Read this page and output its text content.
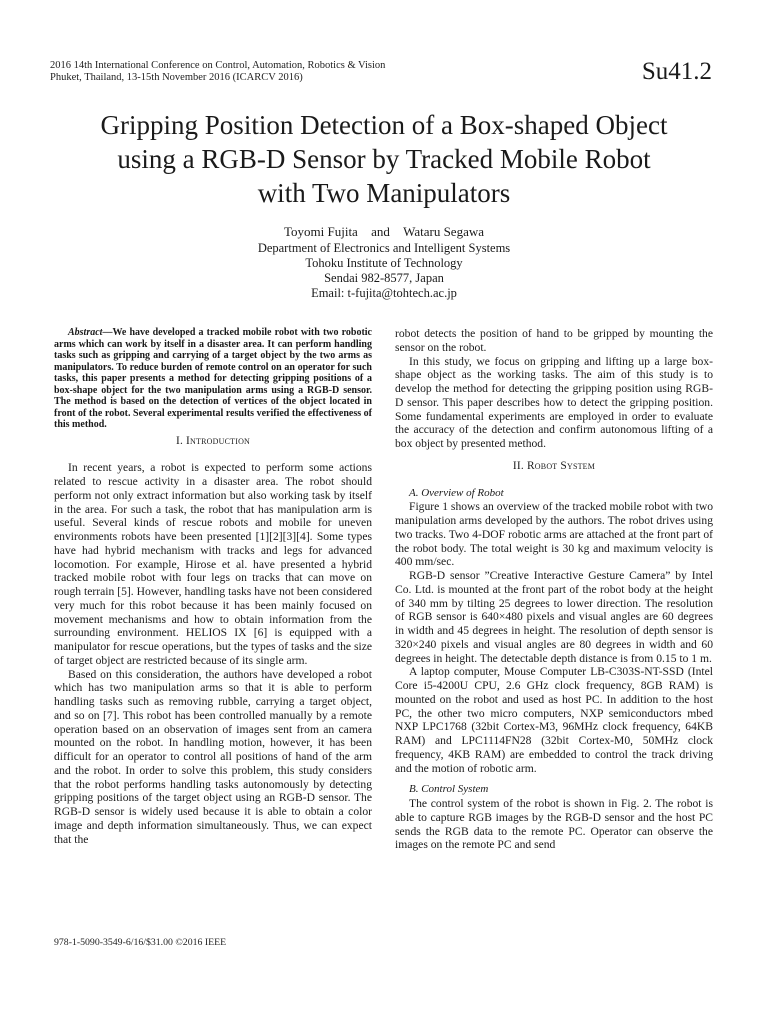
2016 14th International Conference on Control, Automation, Robotics & Vision
Phuket, Thailand, 13-15th November 2016 (ICARCV 2016)	Su41.2
Gripping Position Detection of a Box-shaped Object
using a RGB-D Sensor by Tracked Mobile Robot
with Two Manipulators
Toyomi Fujita and Wataru Segawa
Department of Electronics and Intelligent Systems
Tohoku Institute of Technology
Sendai 982-8577, Japan
Email: t-fujita@tohtech.ac.jp

Abstract—We have developed a tracked mobile robot with two robotic arms which can work by itself in a disaster area. It can perform handling tasks such as gripping and carrying of a target object by the two arms as manipulators. To reduce burden of remote control on an operator for such tasks, this paper presents a method for detecting gripping positions of a box-shape object for the two manipulation arms using a RGB-D sensor. The method is based on the detection of vertices of the object located in front of the robot. Several experimental results verified the effectiveness of this method.

I. Introduction

In recent years, a robot is expected to perform some actions related to rescue activity in a disaster area. The robot should perform not only extract information but also working task by itself in the area. For such a task, the robot that has manipulation arm is useful. Several kinds of rescue robots and mobile for uneven environments robots have been presented [1][2][3][4]. Some types have had hybrid mechanism with tracks and legs for advanced locomotion. For example, Hirose et al. have presented a hybrid tracked mobile robot with four legs on tracks that can move on rough terrain [5]. However, handling tasks have not been considered very much for this robot because it has been mainly focused on movement mechanisms and how to obtain information from the surrounding environment. HELIOS IX [6] is equipped with a manipulator for rescue operations, but the types of tasks and the size of target object are restricted because of its single arm.

Based on this consideration, the authors have developed a robot which has two manipulation arms so that it is able to perform handling tasks such as removing rubble, carrying a target object, and so on [7]. This robot has been controlled manually by a remote operation based on an observation of images sent from an camera mounted on the robot. In handling motion, however, it has been difficult for an operator to control all positions of hand of the arm and the robot. In order to solve this problem, this study considers that the robot performs handling tasks autonomously by detecting gripping positions of the target object using an RGB-D sensor. The RGB-D sensor is widely used because it is able to obtain a color image and depth information simultaneously. Thus, we can expect that the

robot detects the position of hand to be gripped by mounting the sensor on the robot.

In this study, we focus on gripping and lifting up a large box-shape object as the working tasks. The aim of this study is to develop the method for detecting the gripping position using RGB-D sensor. This paper describes how to detect the gripping position. Some fundamental experiments are employed in order to evaluate the accuracy of the detection and confirm autonomous lifting of a box object by presented method.

II. Robot System

A. Overview of Robot

Figure 1 shows an overview of the tracked mobile robot with two manipulation arms developed by the authors. The robot drives using two tracks. Two 4-DOF robotic arms are attached at the front part of the robot body. The total weight is 30 kg and maximum velocity is 400 mm/sec.

RGB-D sensor ”Creative Interactive Gesture Camera” by Intel Co. Ltd. is mounted at the front part of the robot body at the height of 340 mm by tilting 25 degrees to lower direction. The resolution of RGB sensor is 640×480 pixels and visual angles are 60 degrees in width and 45 degrees in height. The resolution of depth sensor is 320×240 pixels and visual angles are 80 degrees in width and 60 degrees in height. The detectable depth distance is from 0.15 to 1 m.

A laptop computer, Mouse Computer LB-C303S-NT-SSD (Intel Core i5-4200U CPU, 2.6 GHz clock frequency, 8GB RAM) is mounted on the robot and used as host PC. In addition to the host PC, the other two micro computers, NXP semiconductors mbed NXP LPC1768 (32bit Cortex-M3, 96MHz clock frequency, 64KB RAM) and LPC1114FN28 (32bit Cortex-M0, 50MHz clock frequency, 4KB RAM) are embedded to control the track driving and the motion of robotic arm.

B. Control System

The control system of the robot is shown in Fig. 2. The robot is able to capture RGB images by the RGB-D sensor and the host PC sends the RGB data to the remote PC. Operator can observe the images on the remote PC and send

978-1-5090-3549-6/16/$31.00 ©2016 IEEE
